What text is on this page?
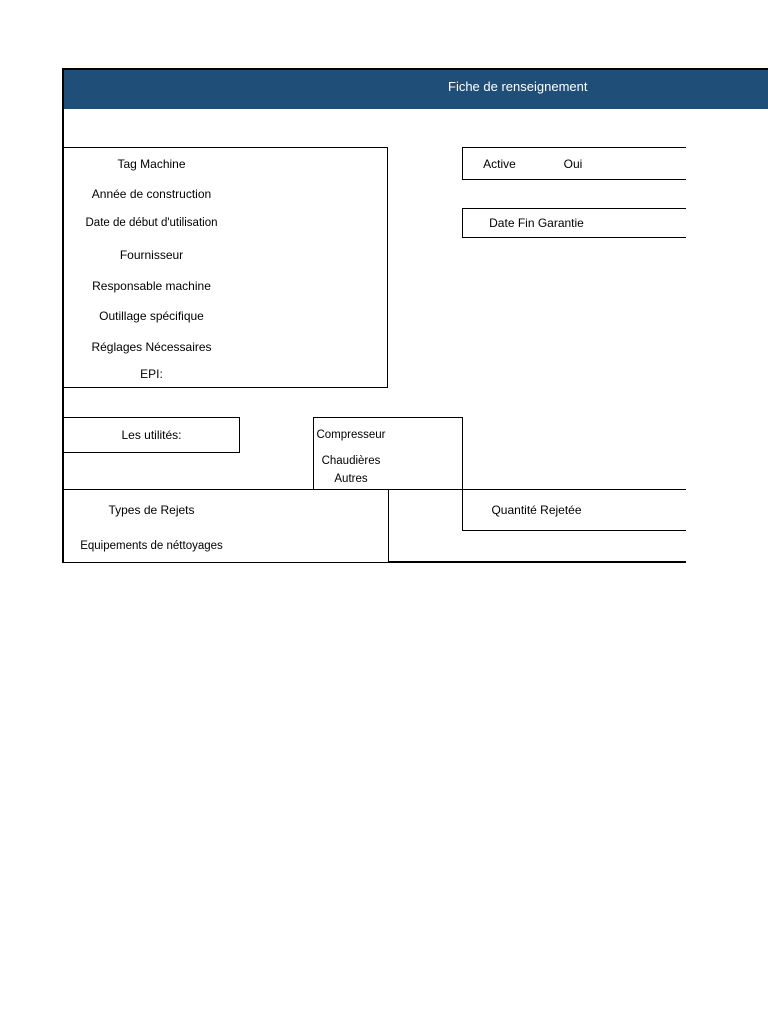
Fiche de renseignement
Tag Machine
Année de construction
Date de début d'utilisation
Fournisseur
Responsable machine
Outillage spécifique
Réglages Nécessaires
EPI:
Active	Oui
Date Fin Garantie
Les utilités:	Compresseur
Chaudières
Autres
Types de Rejets	Quantité Rejetée
Equipements de néttoyages
